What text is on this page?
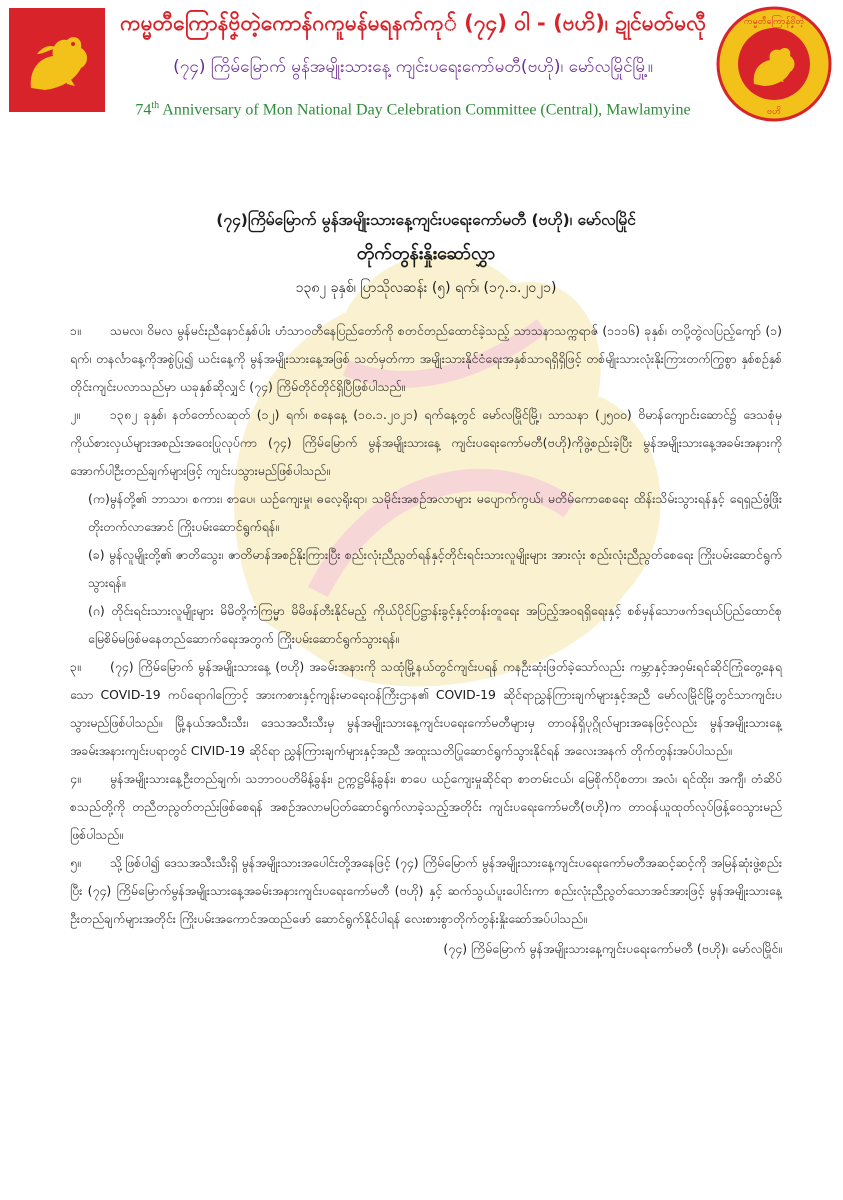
ကမ္မတီကြောန်ဗၞိတဲ့ကောန်ဂကူမန်မရနက်ကု် (၇၄) ဝါ - (ဗဟိ)၊ ဍုင်မတ်မလီု
(၇၄) ကြိမ်မြောက် မွန်အမျိုးသားနေ့ ကျင်းပရေးကော်မတီ(ဗဟို)၊ မော်လမြိုင်မြို့။
74th Anniversary of Mon National Day Celebration Committee (Central), Mawlamyine
ကမ္မတီကြောန်ဗၞိတဲ့
ဗဟိ

(၇၄)ကြိမ်မြောက် မွန်အမျိုးသားနေ့ကျင်းပရေးကော်မတီ (ဗဟို)၊ မော်လမြိုင်

တိုက်တွန်းနှိုးဆော်လွှာ

၁၃၈၂ ခုနှစ်၊ ပြာသိုလဆန်း (၅) ရက်၊ (၁၇.၁.၂၀၂၁)

၁။ သမလ၊ ဝိမလ မွန်မင်းညီနောင်နှစ်ပါး ဟံသာဝတီနေပြည်တော်ကို စတင်တည်ထောင်ခဲ့သည့် သာသနာသက္ကရာဇ် (၁၁၁၆) ခုနှစ်၊ တပို့တွဲလပြည့်ကျော် (၁) ရက်၊ တနင်္လာနေ့ကိုအစွဲပြု၍ ယင်းနေ့ကို မွန်အမျိုးသားနေ့အဖြစ် သတ်မှတ်ကာ အမျိုးသားနိုင်ငံရေးအနှစ်သာရရှိရှိဖြင့် တစ်မျိုးသားလုံးနိုးကြားတက်ကြွစွာ နှစ်စဉ်နှစ်တိုင်းကျင်းပလာသည်မှာ ယခုနှစ်ဆိုလျှင် (၇၄) ကြိမ်တိုင်တိုင်ရှိပြီဖြစ်ပါသည်။

၂။ ၁၃၈၂ ခုနှစ်၊ နတ်တော်လဆုတ် (၁၂) ရက်၊ စနေနေ့ (၁၀.၁.၂၀၂၁) ရက်နေ့တွင် မော်လမြိုင်မြို့၊ သာသနာ (၂၅၀၀) ဗိမာန်ကျောင်းဆောင်၌ ဒေသစုံမှ ကိုယ်စားလှယ်များအစည်းအဝေးပြုလုပ်ကာ (၇၄) ကြိမ်မြောက် မွန်အမျိုးသားနေ့ ကျင်းပရေးကော်မတီ(ဗဟို)ကိုဖွဲ့စည်းခဲ့ပြီး မွန်အမျိုးသားနေ့အခမ်းအနားကို အောက်ပါဦးတည်ချက်များဖြင့် ကျင်းပသွားမည်ဖြစ်ပါသည်။

(က)မွန်တို့၏ ဘာသာ၊ စကား၊ စာပေ၊ ယဉ်ကျေးမှု၊ ဓလေ့ရိုးရာ၊ သမိုင်းအစဉ်အလာများ မပျောက်ကွယ်၊ မတိမ်ကောစေရေး ထိန်းသိမ်းသွားရန်နှင့် ရေရှည်ဖွံ့ဖြိုးတိုးတက်လာအောင် ကြိုးပမ်းဆောင်ရွက်ရန်။

(ခ) မွန်လူမျိုးတို့၏ ဇာတိသွေး၊ ဇာတိမာန်အစဉ်နိုးကြားပြီး စည်းလုံးညီညွတ်ရန်နှင့်တိုင်းရင်းသားလူမျိုးများ အားလုံး စည်းလုံးညီညွတ်စေရေး ကြိုးပမ်းဆောင်ရွက်သွားရန်။

(ဂ) တိုင်းရင်းသားလူမျိုးများ မိမိတို့ကံကြမ္မာ မိမိဖန်တီးနိုင်မည့် ကိုယ်ပိုင်ပြဋ္ဌာန်းခွင့်နှင့်တန်းတူရေး အပြည့်အဝရရှိရေးနှင့် စစ်မှန်သောဖက်ဒရယ်ပြည်ထောင်စု မြေစိမ်မဖြစ်မနေတည်ဆောက်ရေးအတွက် ကြိုးပမ်းဆောင်ရွက်သွားရန်။

၃။ (၇၄) ကြိမ်မြောက် မွန်အမျိုးသားနေ့ (ဗဟို) အခမ်းအနားကို သထုံမြို့နယ်တွင်ကျင်းပရန် ကနဦးဆုံးဖြတ်ခဲ့သော်လည်း ကမ္ဘာနှင့်အဝှမ်းရင်ဆိုင်ကြုံတွေ့နေရသော COVID-19 ကပ်ရောဂါကြောင့် အားကစားနှင့်ကျန်းမာရေးဝန်ကြီးဌာန၏ COVID-19 ဆိုင်ရာညွှန်ကြားချက်များနှင့်အညီ မော်လမြိုင်မြို့တွင်သာကျင်းပသွားမည်ဖြစ်ပါသည်။ မြို့နယ်အသီးသီး၊ ဒေသအသီးသီးမှ မွန်အမျိုးသားနေ့ကျင်းပရေးကော်မတီများမှ တာဝန်ရှိပုဂ္ဂိုလ်များအနေဖြင့်လည်း မွန်အမျိုးသားနေ့အခမ်းအနားကျင်းပရာတွင် CIVID-19 ဆိုင်ရာ ညွှန်ကြားချက်များနှင့်အညီ အထူးသတိပြုဆောင်ရွက်သွားနိုင်ရန် အလေးအနက် တိုက်တွန်းအပ်ပါသည်။

၄။ မွန်အမျိုးသားနေ့ဦးတည်ချက်၊ သဘာဝပတိမိန့်ခွန်း၊ ဥက္ကဋ္ဌမိန့်ခွန်း၊ စာပေ ယဉ်ကျေးမှုဆိုင်ရာ စာတမ်းငယ်၊ မြေစိုက်ပိုစတာ၊ အလံ၊ ရင်ထိုး၊ အကျီ၊ တံဆိပ် စသည်တို့ကို တညီတညွတ်တည်းဖြစ်စေရန် အစဉ်အလာမပြတ်ဆောင်ရွက်လာခဲ့သည့်အတိုင်း ကျင်းပရေးကော်မတီ(ဗဟို)က တာဝန်ယူထုတ်လုပ်ဖြန့်ဝေသွားမည်ဖြစ်ပါသည်။

၅။ သို့ဖြစ်ပါ၍ ဒေသအသီးသီးရှိ မွန်အမျိုးသားအပေါင်းတို့အနေဖြင့် (၇၄) ကြိမ်မြောက် မွန်အမျိုးသားနေ့ကျင်းပရေးကော်မတီအဆင့်ဆင့်ကို အမြန်ဆုံးဖွဲ့စည်းပြီး (၇၄) ကြိမ်မြောက်မွန်အမျိုးသားနေ့အခမ်းအနားကျင်းပရေးကော်မတီ (ဗဟို) နှင့် ဆက်သွယ်ပူးပေါင်းကာ စည်းလုံးညီညွတ်သောအင်အားဖြင့် မွန်အမျိုးသားနေ့ဦးတည်ချက်များအတိုင်း ကြိုးပမ်းအကောင်အထည်ဖော် ဆောင်ရွက်နိုင်ပါရန် လေးစားစွာတိုက်တွန်းနှိုးဆော်အပ်ပါသည်။

(၇၄) ကြိမ်မြောက် မွန်အမျိုးသားနေ့ကျင်းပရေးကော်မတီ (ဗဟို)၊ မော်လမြိုင်။
